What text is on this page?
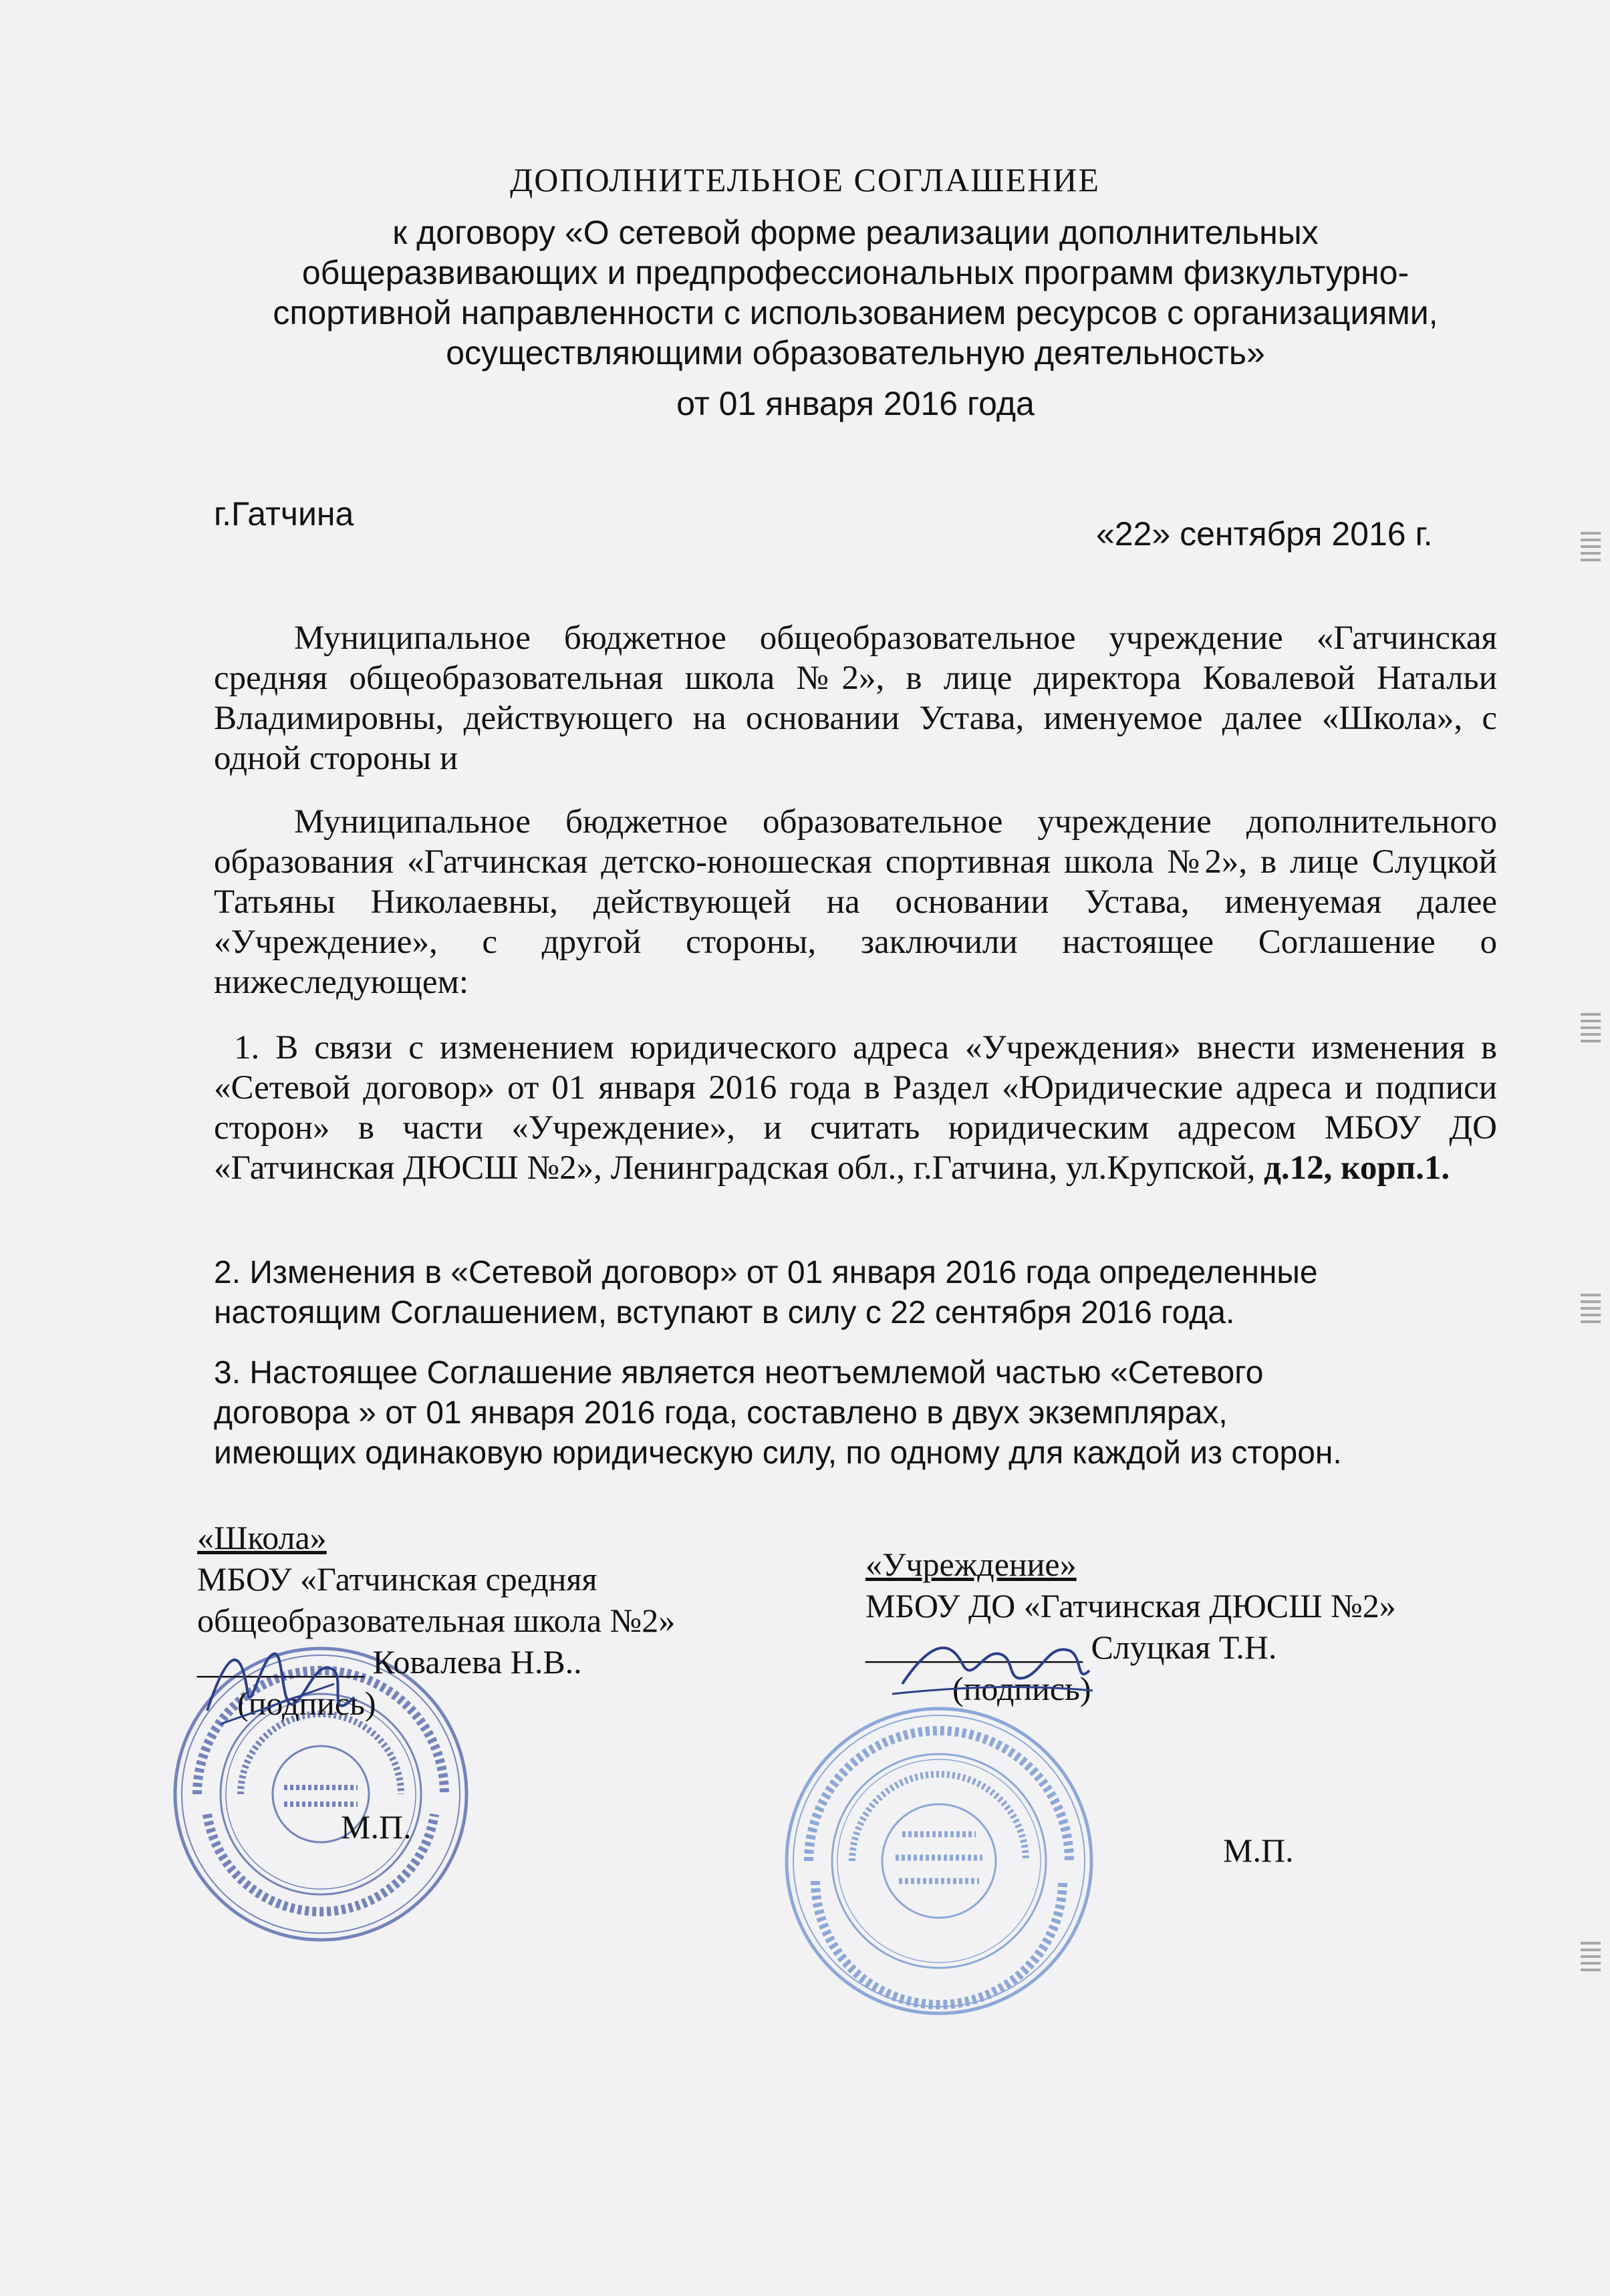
ДОПОЛНИТЕЛЬНОЕ СОГЛАШЕНИЕ
к договору «О сетевой форме реализации дополнительных
общеразвивающих и предпрофессиональных программ физкультурно-
спортивной направленности с использованием ресурсов с организациями,
осуществляющими образовательную деятельность»
от 01 января 2016 года
г.Гатчина
«22» сентября 2016 г.
Муниципальное бюджетное общеобразовательное учреждение «Гатчинская средняя общеобразовательная школа №2», в лице директора Ковалевой Натальи Владимировны, действующего на основании Устава, именуемое далее «Школа», с одной стороны и
Муниципальное бюджетное образовательное учреждение дополнительного образования «Гатчинская детско-юношеская спортивная школа №2», в лице Слуцкой Татьяны Николаевны, действующей на основании Устава, именуемая далее «Учреждение», с другой стороны, заключили настоящее Соглашение о нижеследующем:
1. В связи с изменением юридического адреса «Учреждения» внести изменения в «Сетевой договор» от 01 января 2016 года в Раздел «Юридические адреса и подписи сторон» в части «Учреждение», и считать юридическим адресом МБОУ ДО «Гатчинская ДЮСШ №2», Ленинградская обл., г.Гатчина, ул.Крупской, д.12, корп.1.
2. Изменения в «Сетевой договор» от 01 января 2016 года определенные
настоящим Соглашением, вступают в силу с 22 сентября 2016 года.
3. Настоящее Соглашение является неотъемлемой частью «Сетевого
договора » от 01 января 2016 года, составлено в двух экземплярах,
имеющих одинаковую юридическую силу, по одному для каждой из сторон.
«Школа»
МБОУ «Гатчинская средняя
общеобразовательная школа №2»
__________ Ковалева Н.В..
(подпись)
«Учреждение»
МБОУ ДО «Гатчинская ДЮСШ №2»
_____________ Слуцкая Т.Н.
(подпись)
М.П.
М.П.
